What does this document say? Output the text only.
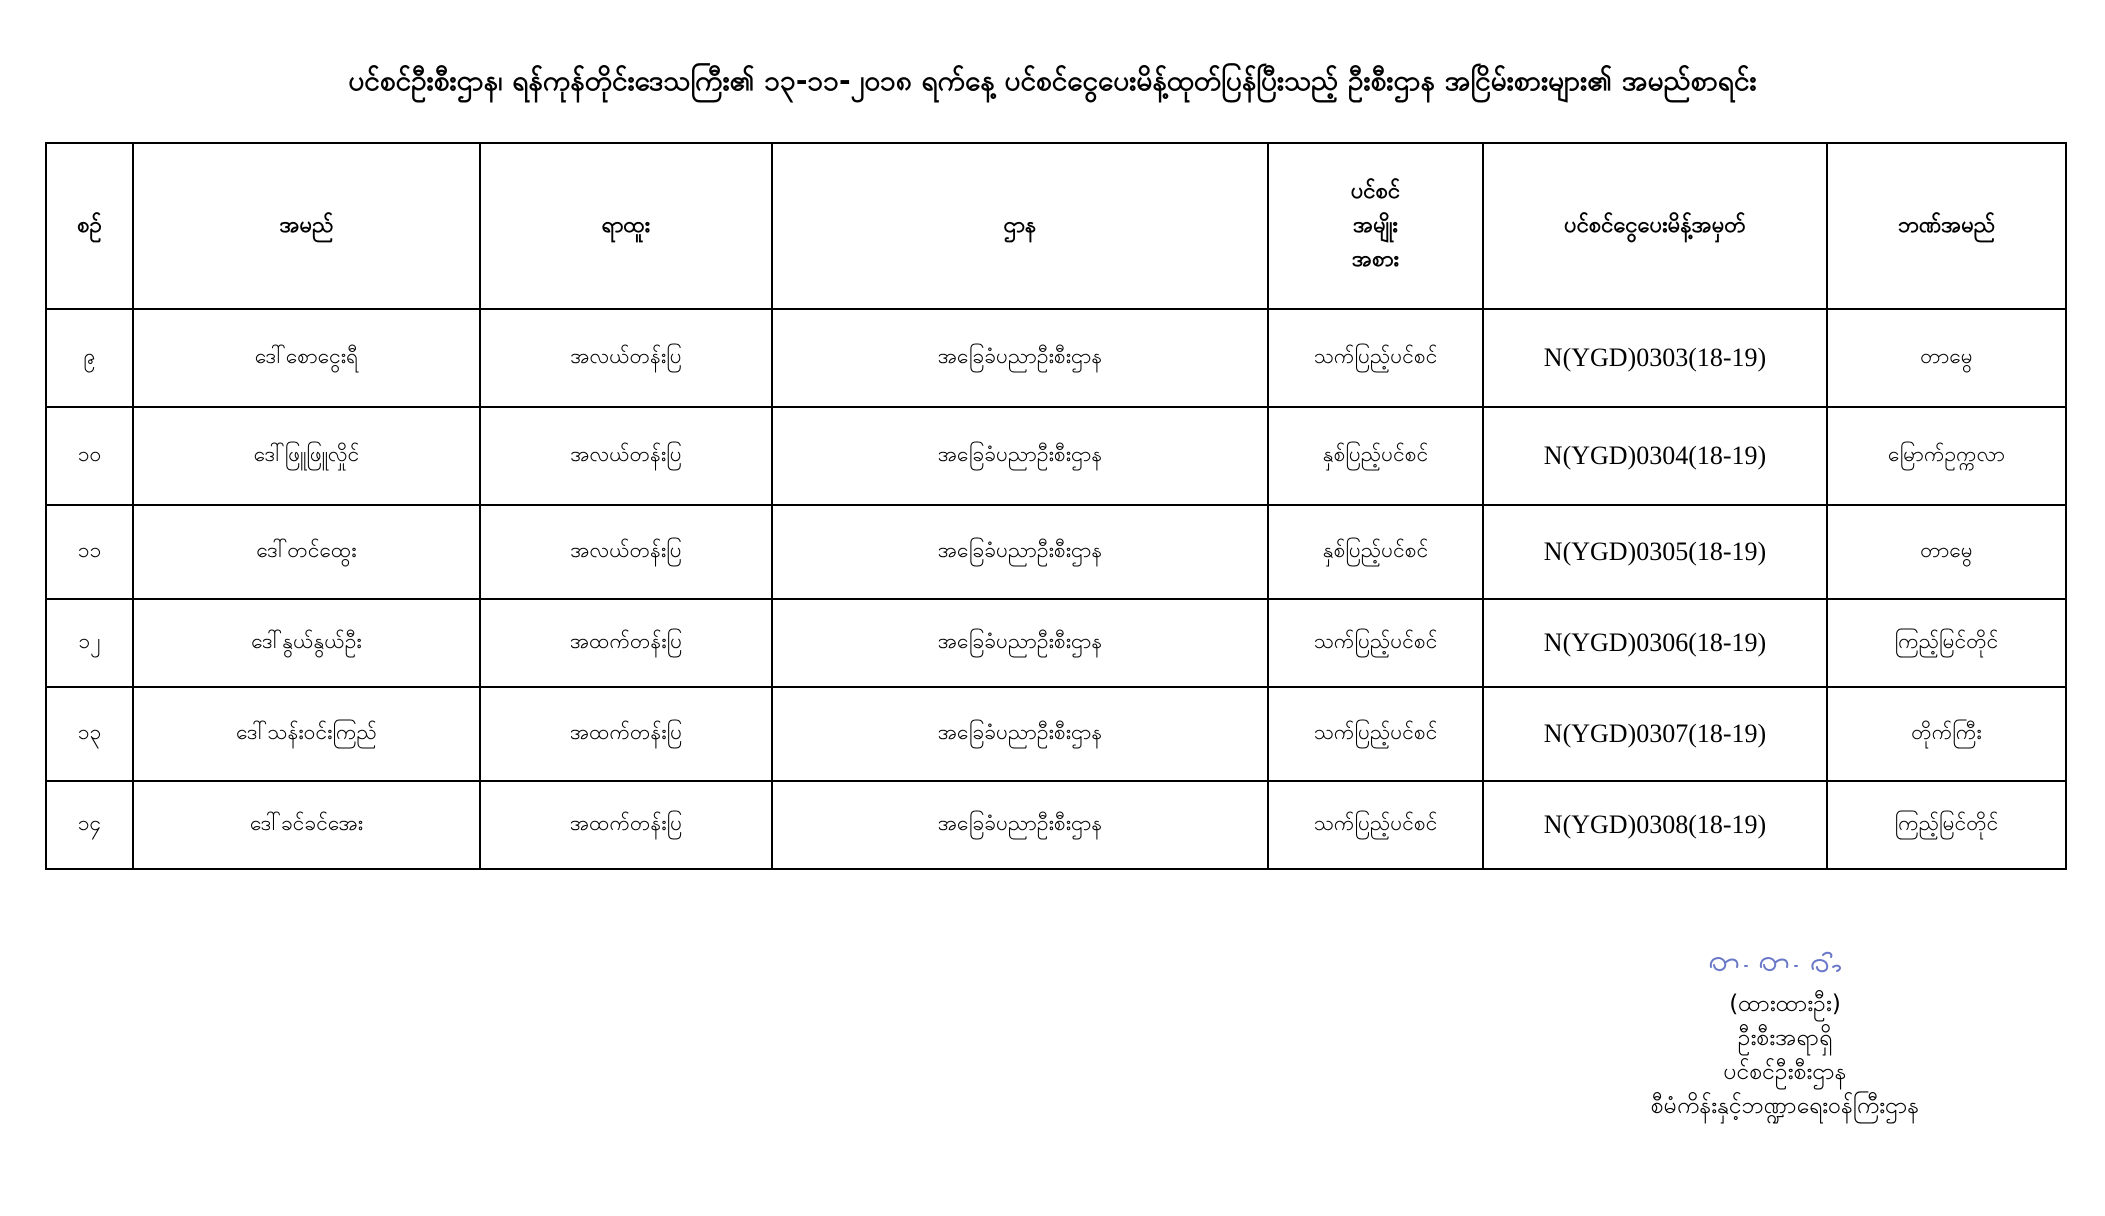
ပင်စင်ဦးစီးဌာန၊ ရန်ကုန်တိုင်းဒေသကြီး၏ ၁၃-၁၁-၂၀၁၈ ရက်နေ့ ပင်စင်ငွေပေးမိန့်ထုတ်ပြန်ပြီးသည့် ဦးစီးဌာန အငြိမ်းစားများ၏ အမည်စာရင်း
စဥ်	အမည်	ရာထူး	ဌာန	ပင်စင်
အမျိုး
အစား	ပင်စင်ငွေပေးမိန့်အမှတ်	ဘဏ်အမည်
၉	ဒေါ်စောငွေးရီ	အလယ်တန်းပြ	အခြေခံပညာဦးစီးဌာန	သက်ပြည့်ပင်စင်	N(YGD)0303(18-19)	တာမွေ
၁၀	ဒေါ်ဖြူဖြူလှိုင်	အလယ်တန်းပြ	အခြေခံပညာဦးစီးဌာန	နှစ်ပြည့်ပင်စင်	N(YGD)0304(18-19)	မြောက်ဥက္ကလာ
၁၁	ဒေါ်တင်ထွေး	အလယ်တန်းပြ	အခြေခံပညာဦးစီးဌာန	နှစ်ပြည့်ပင်စင်	N(YGD)0305(18-19)	တာမွေ
၁၂	ဒေါ်နွယ်နွယ်ဦး	အထက်တန်းပြ	အခြေခံပညာဦးစီးဌာန	သက်ပြည့်ပင်စင်	N(YGD)0306(18-19)	ကြည့်မြင်တိုင်
၁၃	ဒေါ်သန်းဝင်းကြည်	အထက်တန်းပြ	အခြေခံပညာဦးစီးဌာန	သက်ပြည့်ပင်စင်	N(YGD)0307(18-19)	တိုက်ကြီး
၁၄	ဒေါ်ခင်ခင်အေး	အထက်တန်းပြ	အခြေခံပညာဦးစီးဌာန	သက်ပြည့်ပင်စင်	N(YGD)0308(18-19)	ကြည့်မြင်တိုင်
(ထားထားဦး)
ဦးစီးအရာရှိ
ပင်စင်ဦးစီးဌာန
စီမံကိန်းနှင့်ဘဏ္ဍာရေးဝန်ကြီးဌာန
